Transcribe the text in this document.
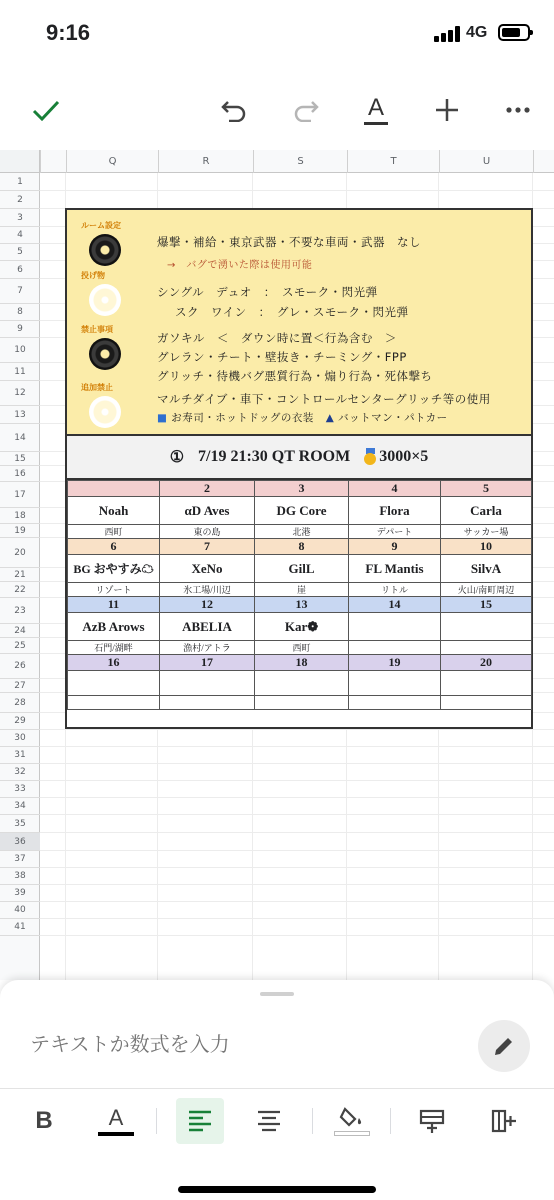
9:16	4G
A
Q	R	S	T	U
1
2
3
4
5
6
7
8
9
10
11
12
13
14
15
16
17
18
19
20
21
22
23
24
25
26
27
28
29
30
31
32
33
34
35
36
37
38
39
40
41
ルーム設定
爆撃・補給・東京武器・不要な車両・武器　なし
→　バグで湧いた際は使用可能
投げ物
シングル　デュオ　：　スモーク・閃光弾
スク　ワイン　：　グレ・スモーク・閃光弾
禁止事項
ガソキル　＜　ダウン時に置＜行為含む　＞
グレラン・チート・壁抜き・チーミング・FPP
グリッチ・待機バグ悪質行為・煽り行為・死体撃ち
追加禁止
マルチダイブ・車下・コントロールセンターグリッチ等の使用
■ お寿司・ホットドッグの衣装 ▲ バットマン・パトカー
① 7/19 21:30 QT ROOM	3000×5
	2	3	4	5
Noah	αD Aves	DG Core	Flora	Carla
西町	東の島	北港	デパート	サッカー場
6	7	8	9	10
BG おやすみ☁	XeNo	GilL	FL Mantis	SilvA
リゾート	氷工場/川辺	崖	リトル	火山/南町周辺
11	12	13	14	15
AzB Arows	ABELIA	Kar❁		
石門/湖畔	漁村/アトラ	西町		
16	17	18	19	20

テキストか数式を入力
B	A
